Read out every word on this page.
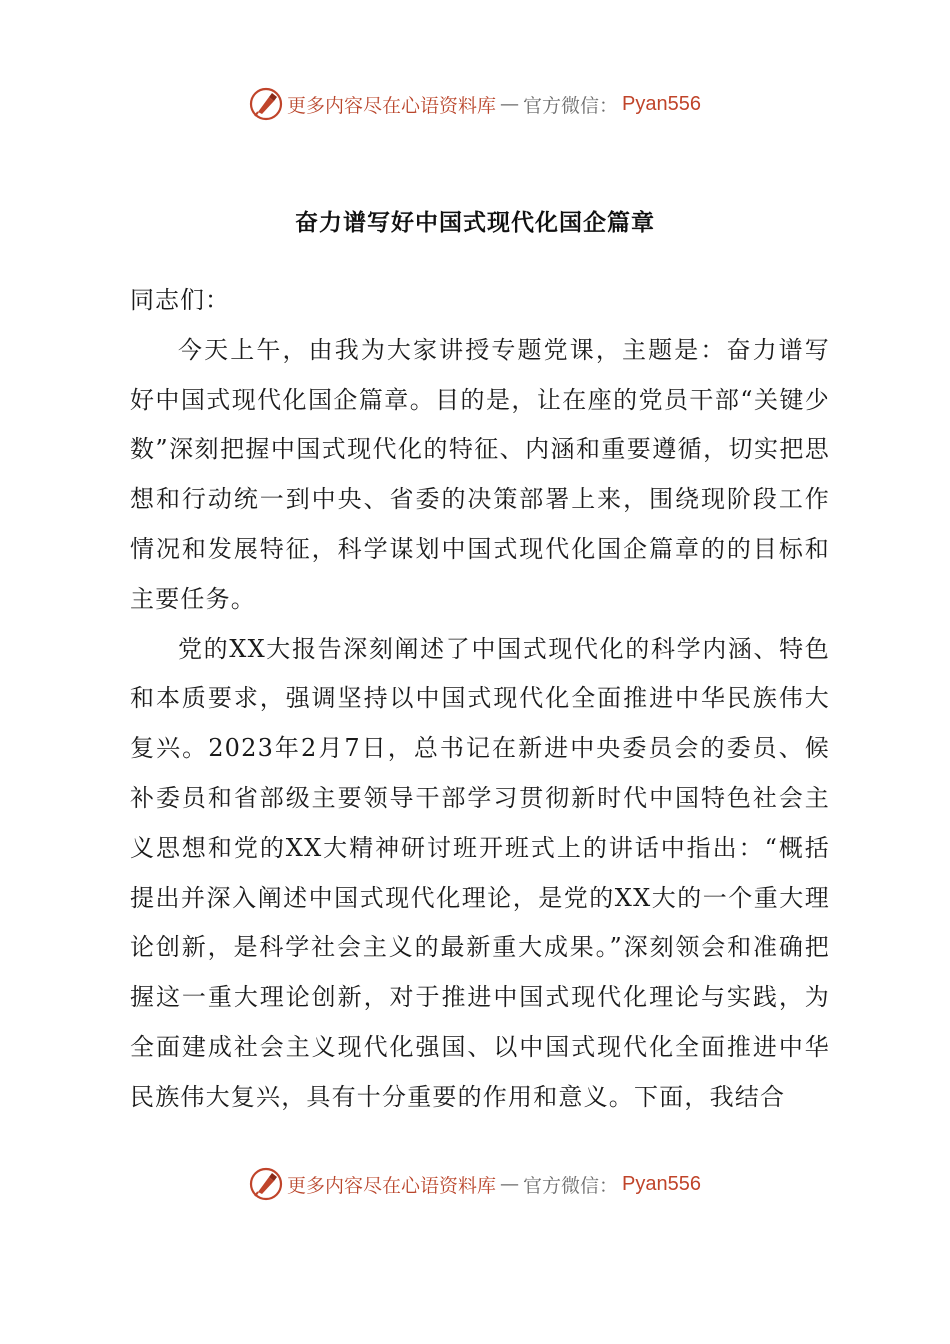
更多内容尽在心语资料库 — 官方微信： Pyan556
奋力谱写好中国式现代化国企篇章

同志们：

今天上午，由我为大家讲授专题党课，主题是：奋力谱写好中国式现代化国企篇章。目的是，让在座的党员干部“关键少数”深刻把握中国式现代化的特征、内涵和重要遵循，切实把思想和行动统一到中央、省委的决策部署上来，围绕现阶段工作情况和发展特征，科学谋划中国式现代化国企篇章的的目标和主要任务。

党的XX大报告深刻阐述了中国式现代化的科学内涵、特色和本质要求，强调坚持以中国式现代化全面推进中华民族伟大复兴。2023年2月7日，总书记在新进中央委员会的委员、候补委员和省部级主要领导干部学习贯彻新时代中国特色社会主义思想和党的XX大精神研讨班开班式上的讲话中指出：“概括提出并深入阐述中国式现代化理论，是党的XX大的一个重大理论创新，是科学社会主义的最新重大成果。”深刻领会和准确把握这一重大理论创新，对于推进中国式现代化理论与实践，为全面建成社会主义现代化强国、以中国式现代化全面推进中华民族伟大复兴，具有十分重要的作用和意义。下面，我结合

更多内容尽在心语资料库 — 官方微信： Pyan556
